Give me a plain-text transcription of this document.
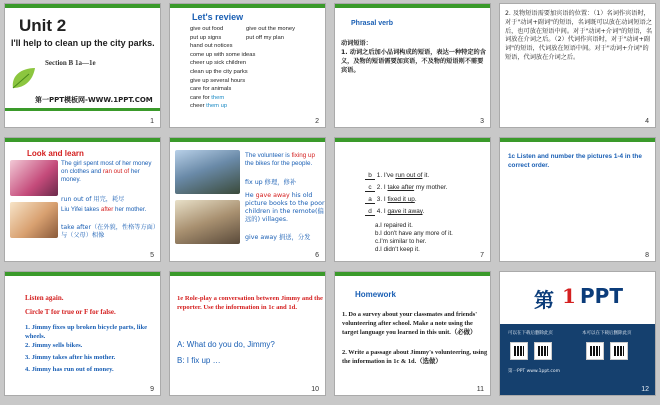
Unit 2
I'll help to clean up the city parks.
Section B 1a—1e
第一PPT模板网-WWW.1PPT.COM
1
Let's review
give out food
put up signs
hand out notices
come up with some ideas
cheer up sick children
clean up the city parks
give up several hours
care for animals
care for them
cheer them up
give out the money
put off my plan
2
Phrasal verb
动词短语：
1. 动词之后加小品词构成的短语，表达一种特定的含义，及物的短语需要加宾语，不及物的短语则不需要宾语。
3
2. 及物短语需要加宾语的位置：（1）名词作宾语时，对于"动词+副词"的短语，名词既可以放在动词短语之后，也可放在短语中间。对于"动词+介词"的短语，名词放在介词之后。（2）代词作宾语时，对于"动词+副词"的短语，代词放在短语中间。对于"动词+介词"的短语，代词放在介词之后。
4
Look and learn
The girl spent most of her money on clothes and ran out of her money.
run out of 用完，耗尽
Liu Yifei takes after her mother.
take after（在外貌，性格等方面）与（父母）相像
5
The volunteer is fixing up the bikes for the people.
fix up 修理，修补
He gave away his old picture books to the poor children in the remote(偏远的) villages.
give away 捐送，分发
6
b 1. I've run out of it.
c 2. I take after my mother.
a 3. I fixed it up.
d 4. I gave it away.
a.I repaired it.
b.I don't have any more of it.
c.I'm similar to her.
d.I didn't keep it.
7
1c Listen and number the pictures 1-4 in the correct order.
8
Listen again.
Circle T for true or F for false.
1. Jimmy fixes up broken bicycle parts, like wheels.
2. Jimmy sells bikes.
3. Jimmy takes after his mother.
4. Jimmy has run out of money.
9
1e Role-play a conversation between Jimmy and the reporter. Use the information in 1c and 1d.
A: What do you do, Jimmy?
B: I fix up …
10
Homework
1. Do a survey about your classmates and friends' volunteering after school. Make a note using the target language you learned in this unit.（必做）
2. Write a passage about Jimmy's volunteering, using the information in 1c & 1d.（选做）
11
第 1 PPT
可以在下载后删除此页	本可以在下载后删除此页
第一PPT www.1ppt.com
12
